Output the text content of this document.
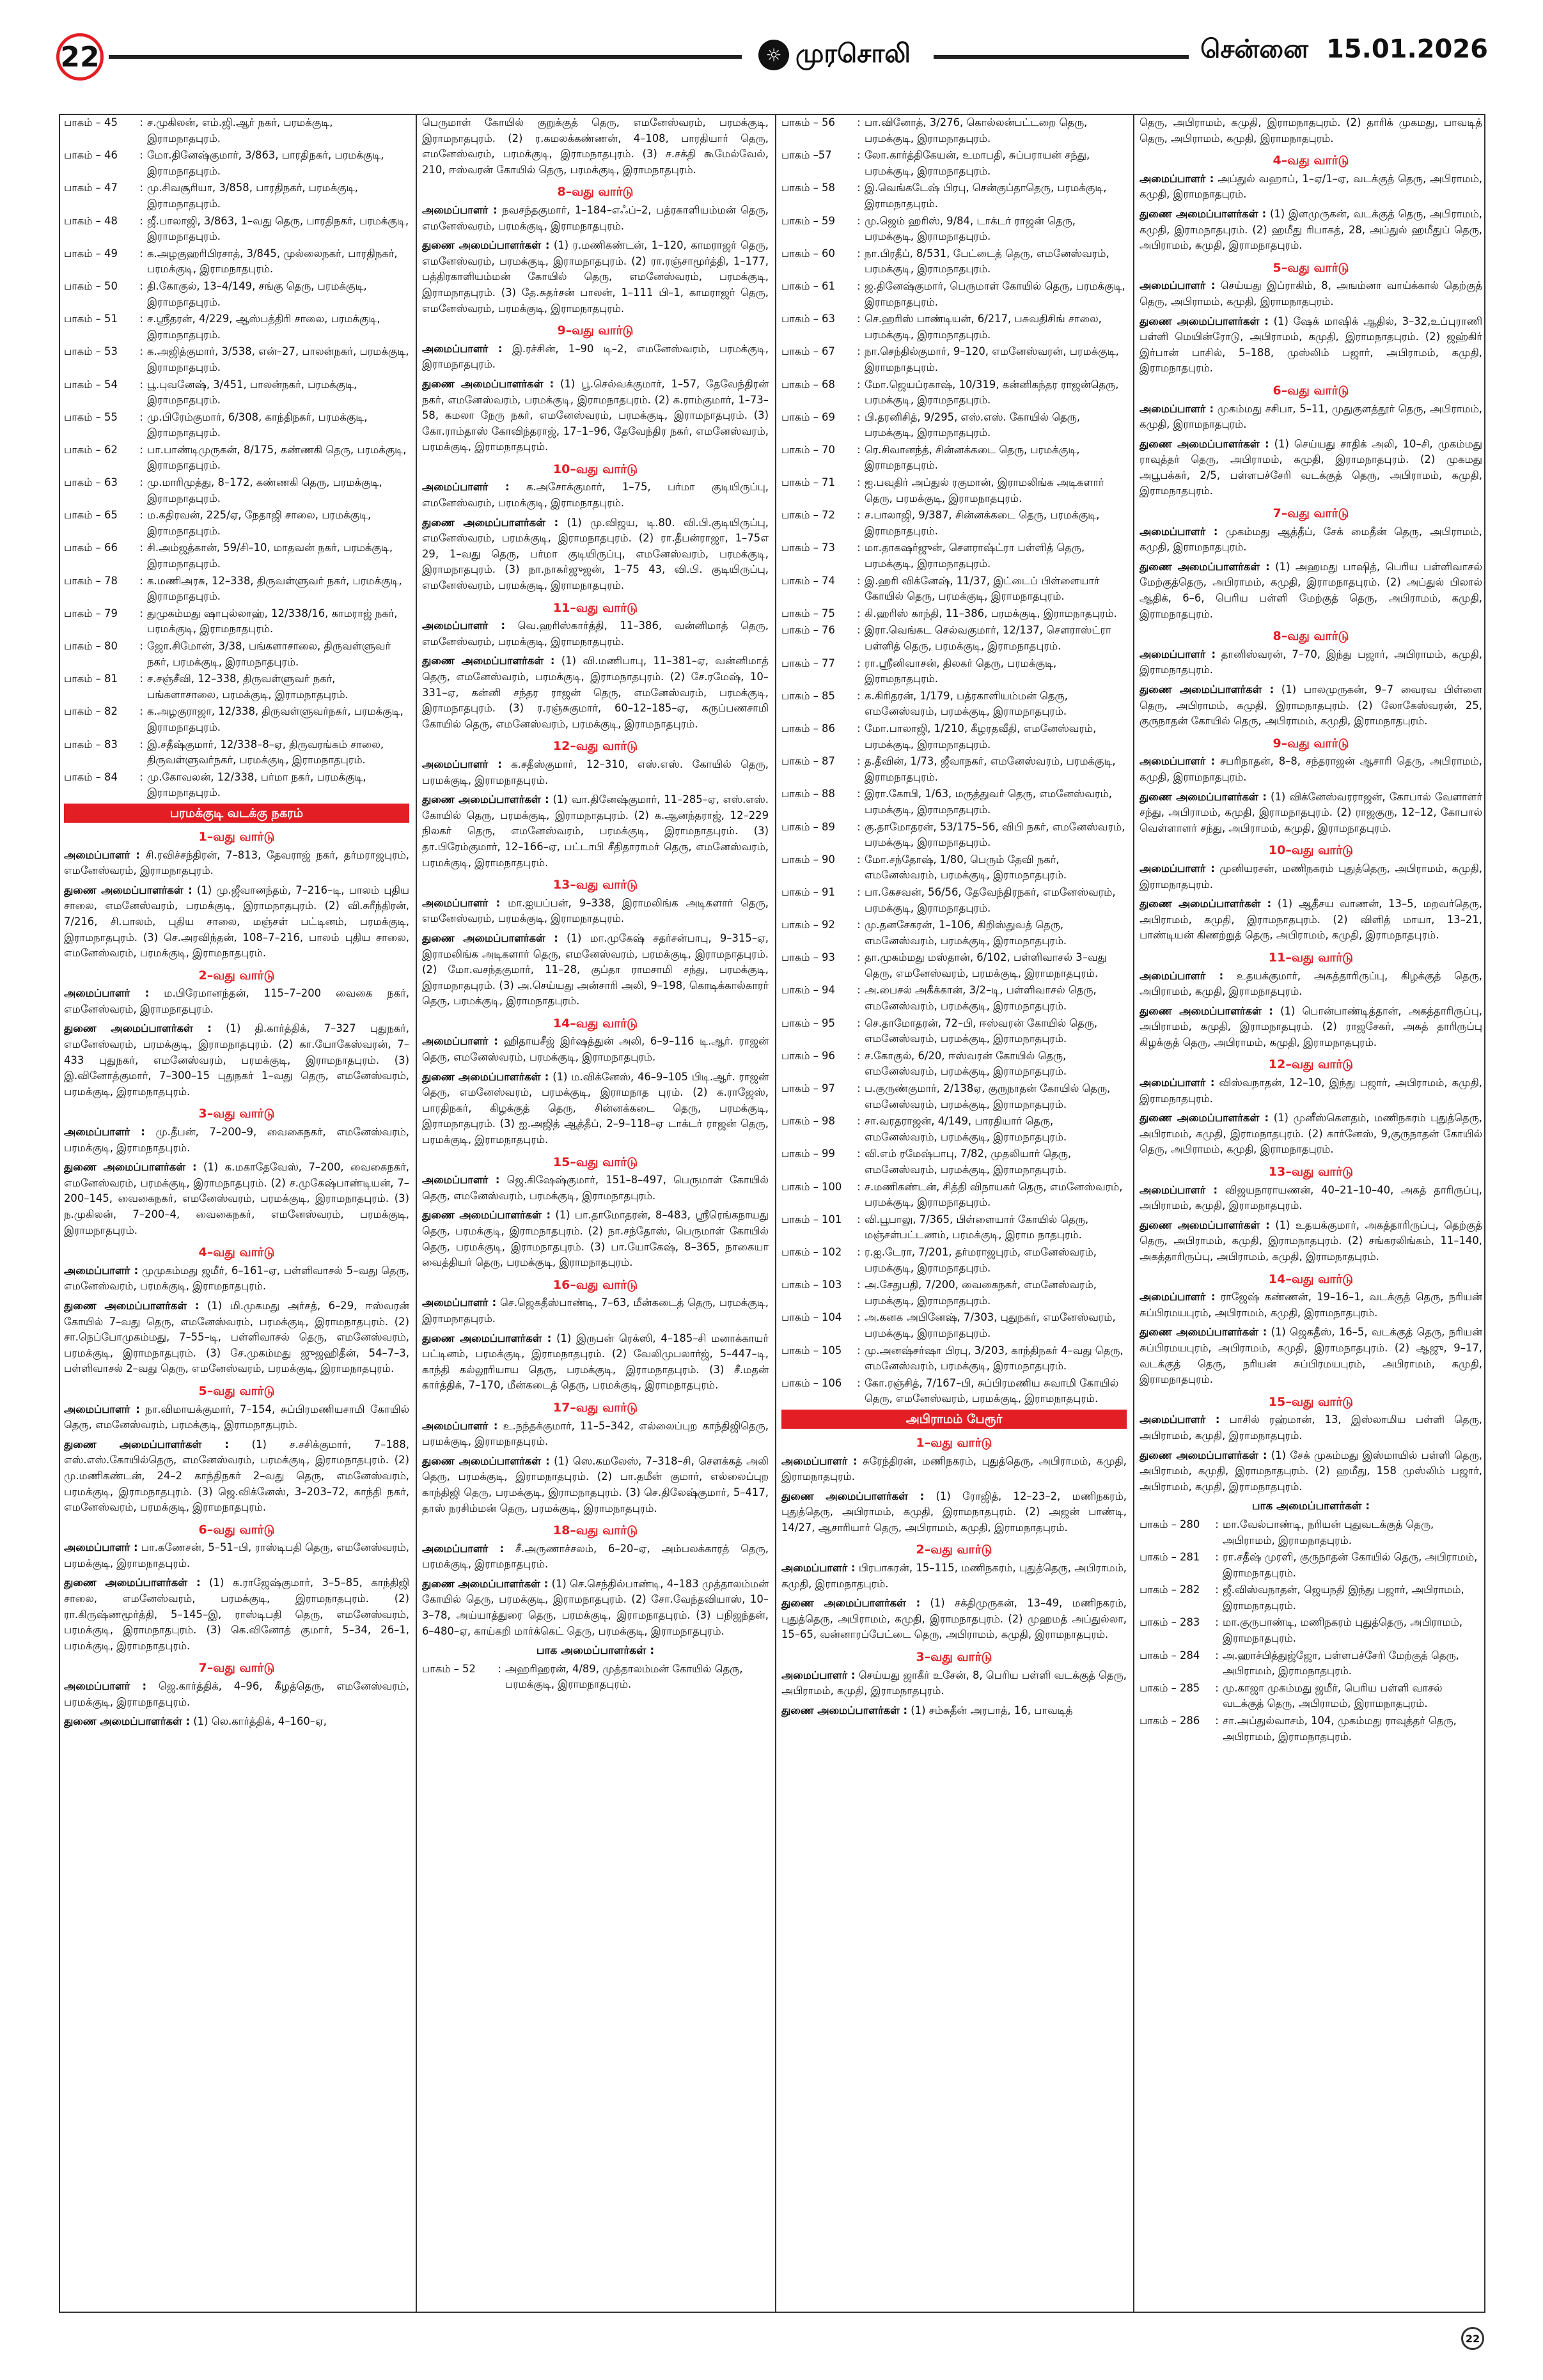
22	☼ முரசொலி	சென்னை 15.01.2026
பாகம் – 45	: ச.முகிலன், எம்.ஜி.ஆர் நகர், பரமக்குடி, இராமநாதபுரம்.
பாகம் – 46	: மோ.தினேஷ்குமார், 3/863, பாரதிநகர், பரமக்குடி, இராமநாதபுரம்.
பாகம் – 47	: மு.சிவசூரியா, 3/858, பாரதிநகர், பரமக்குடி, இராமநாதபுரம்.
பாகம் – 48	: ஜீ.பாலாஜி, 3/863, 1–வது தெரு, பாரதிநகர், பரமக்குடி, இராமநாதபுரம்.
பாகம் – 49	: க.அழகுஹரிபிரசாத், 3/845, முல்லைநகர், பாரதிநகர், பரமக்குடி, இராமநாதபுரம்.
பாகம் – 50	: தி.கோகுல், 13–4/149, சங்கு தெரு, பரமக்குடி, இராமநாதபுரம்.
பாகம் – 51	: ச.ஸ்ரீதரன், 4/229, ஆஸ்பத்திரி சாலை, பரமக்குடி, இராமநாதபுரம்.
பாகம் – 53	: க.அஜித்குமார், 3/538, என்–27, பாலன்நகர், பரமக்குடி, இராமநாதபுரம்.
பாகம் – 54	: பூ.புவனேஷ், 3/451, பாலன்நகர், பரமக்குடி, இராமநாதபுரம்.
பாகம் – 55	: மு.பிரேம்குமார், 6/308, காந்திநகர், பரமக்குடி, இராமநாதபுரம்.
பாகம் – 62	: பா.பாண்டிமுருகன், 8/175, கண்ணகி தெரு, பரமக்குடி, இராமநாதபுரம்.
பாகம் – 63	: மு.மாரிமுத்து, 8–172, கண்ணகி தெரு, பரமக்குடி, இராமநாதபுரம்.
பாகம் – 65	: ம.கதிரவன், 225/ஏ, நேதாஜி சாலை, பரமக்குடி, இராமநாதபுரம்.
பாகம் – 66	: சி.அம்ஜத்கான், 59/சி–10, மாதவன் நகர், பரமக்குடி, இராமநாதபுரம்.
பாகம் – 78	: க.மணிஅரசு, 12–338, திருவள்ளுவர் நகர், பரமக்குடி, இராமநாதபுரம்.
பாகம் – 79	: துமுகம்மது ஷாபுல்லாஹ், 12/338/16, காமராஜ் நகர், பரமக்குடி, இராமநாதபுரம்.
பாகம் – 80	: ஜோ.சிமோன், 3/38, பங்களாசாலை, திருவள்ளுவர் நகர், பரமக்குடி, இராமநாதபுரம்.
பாகம் – 81	: ச.சஞ்சீவி, 12–338, திருவள்ளுவர் நகர், பங்களாசாலை, பரமக்குடி, இராமநாதபுரம்.
பாகம் – 82	: க.அழகுராஜா, 12/338, திருவள்ளுவர்நகர், பரமக்குடி, இராமநாதபுரம்.
பாகம் – 83	: இ.சதீஷ்குமார், 12/338–8–ஏ, திருவரங்கம் சாலை, திருவள்ளுவர்நகர், பரமக்குடி, இராமநாதபுரம்.
பாகம் – 84	: மு.கோவலன், 12/338, பர்மா நகர், பரமக்குடி, இராமநாதபுரம்.
பரமக்குடி வடக்கு நகரம்
1–வது வார்டு
அமைப்பாளர் : சி.ரவிச்சந்திரன், 7–813, தேவராஜ் நகர், தர்மராஜபுரம், எமனேஸ்வரம், இராமநாதபுரம்.
துணை அமைப்பாளர்கள் : (1) மு.ஜீவானந்தம், 7–216–டி, பாலம் புதிய சாலை, எமனேஸ்வரம், பரமக்குடி, இராமநாதபுரம். (2) வி.சுரீந்திரன், 7/216, சி.பாலம், புதிய சாலை, மஞ்சள் பட்டினம், பரமக்குடி, இராமநாதபுரம். (3) செ.அரவிந்தன், 108–7–216, பாலம் புதிய சாலை, எமனேஸ்வரம், பரமக்குடி, இராமநாதபுரம்.
2–வது வார்டு
அமைப்பாளர் : ம.பிரேமானந்தன், 115–7–200 வைகை நகர், எமனேஸ்வரம், இராமநாதபுரம்.
துணை அமைப்பாளர்கள் : (1) தி.கார்த்திக், 7–327 புதுநகர், எமனேஸ்வரம், பரமக்குடி, இராமநாதபுரம். (2) கா.யோகேஸ்வரன், 7–433 புதுநகர், எமனேஸ்வரம், பரமக்குடி, இராமநாதபுரம். (3) இ.வினோத்குமார், 7–300–15 புதுநகர் 1–வது தெரு, எமனேஸ்வரம், பரமக்குடி, இராமநாதபுரம்.
3–வது வார்டு
அமைப்பாளர் : மு.தீபன், 7–200–9, வைகைநகர், எமனேஸ்வரம், பரமக்குடி, இராமநாதபுரம்.
துணை அமைப்பாளர்கள் : (1) க.மகாதேவேஸ், 7–200, வைகைநகர், எமனேஸ்வரம், பரமக்குடி, இராமநாதபுரம். (2) ச.முகேஷ்பாண்டியன், 7–200–145, வைகைநகர், எமனேஸ்வரம், பரமக்குடி, இராமநாதபுரம். (3) ந.முகிலன், 7–200–4, வைகைநகர், எமனேஸ்வரம், பரமக்குடி, இராமநாதபுரம்.
4–வது வார்டு
அமைப்பாளர் : முமுகம்மது ஜமீர், 6–161–ஏ, பள்ளிவாசல் 5–வது தெரு, எமனேஸ்வரம், பரமக்குடி, இராமநாதபுரம்.
துணை அமைப்பாளர்கள் : (1) மி.முகமது அர்சத், 6–29, ஈஸ்வரன் கோயில் 7–வது தெரு, எமனேஸ்வரம், பரமக்குடி, இராமநாதபுரம். (2) சா.நெப்போமுகம்மது, 7–55–டி, பள்ளிவாசல் தெரு, எமனேஸ்வரம், பரமக்குடி, இராமநாதபுரம். (3) சே.முகம்மது ஜுஜஹிதீன், 54–7–3, பள்ளிவாசல் 2–வது தெரு, எமனேஸ்வரம், பரமக்குடி, இராமநாதபுரம்.
5–வது வார்டு
அமைப்பாளர் : நா.விமாயக்குமார், 7–154, சுப்பிரமணியசாமி கோயில் தெரு, எமனேஸ்வரம், பரமக்குடி, இராமநாதபுரம்.
துணை அமைப்பாளர்கள் : (1) ச.சசிக்குமார், 7–188, எஸ்.எஸ்.கோயில்தெரு, எமனேஸ்வரம், பரமக்குடி, இராமநாதபுரம். (2) மு.மணிகண்டன், 24–2 காந்திநகர் 2–வது தெரு, எமனேஸ்வரம், பரமக்குடி, இராமநாதபுரம். (3) ஜெ.விக்னேஸ், 3–203–72, காந்தி நகர், எமனேஸ்வரம், பரமக்குடி, இராமநாதபுரம்.
6–வது வார்டு
அமைப்பாளர் : பா.கணேசன், 5–51–பி, ராஸ்டிபதி தெரு, எமனேஸ்வரம், பரமக்குடி, இராமநாதபுரம்.
துணை அமைப்பாளர்கள் : (1) க.ராஜேஷ்குமார், 3–5–85, காந்திஜி சாலை, எமனேஸ்வரம், பரமக்குடி, இராமநாதபுரம். (2) ரா.கிருஷ்ணமூர்த்தி, 5–145–இ, ராஸ்டிபதி தெரு, எமனேஸ்வரம், பரமக்குடி, இராமநாதபுரம். (3) கெ.வினோத் குமார், 5–34, 26–1, பரமக்குடி, இராமநாதபுரம்.
7–வது வார்டு
அமைப்பாளர் : ஜெ.கார்த்திக், 4–96, கீழத்தெரு, எமனேஸ்வரம், பரமக்குடி, இராமநாதபுரம்.
துணை அமைப்பாளர்கள் : (1) லெ.கார்த்திக், 4–160–ஏ,
பெருமாள் கோயில் குறுக்குத் தெரு, எமனேஸ்வரம், பரமக்குடி, இராமநாதபுரம். (2) ர.கமலக்கண்ணன், 4–108, பாரதியார் தெரு, எமனேஸ்வரம், பரமக்குடி, இராமநாதபுரம். (3) ச.சக்தி கூமேல்வேல், 210, ஈஸ்வரன் கோயில் தெரு, பரமக்குடி, இராமநாதபுரம்.
8–வது வார்டு
அமைப்பாளர் : நவசந்தகுமார், 1–184–எஃப்–2, பத்ரகாளியம்மன் தெரு, எமனேஸ்வரம், பரமக்குடி, இராமநாதபுரம்.
துணை அமைப்பாளர்கள் : (1) ர.மணிகண்டன், 1–120, காமராஜர் தெரு, எமனேஸ்வரம், பரமக்குடி, இராமநாதபுரம். (2) ரா.ரஞ்சாமூர்த்தி, 1–177, பத்திரகாளியம்மன் கோயில் தெரு, எமனேஸ்வரம், பரமக்குடி, இராமநாதபுரம். (3) தே.சுதர்சன் பாலன், 1–111 பி–1, காமராஜர் தெரு, எமனேஸ்வரம், பரமக்குடி, இராமநாதபுரம்.
9–வது வார்டு
அமைப்பாளர் : இ.ரச்சின், 1–90 டி–2, எமனேஸ்வரம், பரமக்குடி, இராமநாதபுரம்.
துணை அமைப்பாளர்கள் : (1) பூ.செல்வக்குமார், 1–57, தேவேந்திரன் நகர், எமனேஸ்வரம், பரமக்குடி, இராமநாதபுரம். (2) க.ராம்குமார், 1–73–58, கமலா நேரு நகர், எமனேஸ்வரம், பரமக்குடி, இராமநாதபுரம். (3) கோ.ராம்தாஸ் கோவிந்தராஜ், 17–1–96, தேவேந்திர நகர், எமனேஸ்வரம், பரமக்குடி, இராமநாதபுரம்.
10–வது வார்டு
அமைப்பாளர் : க.அசோக்குமார், 1–75, பர்மா குடியிருப்பு, எமனேஸ்வரம், பரமக்குடி, இராமநாதபுரம்.
துணை அமைப்பாளர்கள் : (1) மு.விஜய, டி.80. வி.பி.குடியிருப்பு, எமனேஸ்வரம், பரமக்குடி, இராமநாதபுரம். (2) ரா.தீபன்ராஜா, 1–75எ 29, 1–வது தெரு, பர்மா குடியிருப்பு, எமனேஸ்வரம், பரமக்குடி, இராமநாதபுரம். (3) நா.நாகர்ஜுஜன், 1–75 43, வி.பி. குடியிருப்பு, எமனேஸ்வரம், பரமக்குடி, இராமநாதபுரம்.
11–வது வார்டு
அமைப்பாளர் : வெ.ஹரிஸ்கார்த்தி, 11–386, வன்னிமாத் தெரு, எமனேஸ்வரம், பரமக்குடி, இராமநாதபுரம்.
துணை அமைப்பாளர்கள் : (1) வி.மணிபாபு, 11–381–ஏ, வன்னிமாத் தெரு, எமனேஸ்வரம், பரமக்குடி, இராமநாதபுரம். (2) சே.ரமேஷ், 10–331–ஏ, கன்னி சந்தர ராஜன் தெரு, எமனேஸ்வரம், பரமக்குடி, இராமநாதபுரம். (3) ர.ரஞ்சுகுமார், 60–12–185–ஏ, கருப்பணசாமி கோயில் தெரு, எமனேஸ்வரம், பரமக்குடி, இராமநாதபுரம்.
12–வது வார்டு
அமைப்பாளர் : க.சதீஸ்குமார், 12–310, எஸ்.எஸ். கோயில் தெரு, பரமக்குடி, இராமநாதபுரம்.
துணை அமைப்பாளர்கள் : (1) வா.தினேஷ்குமார், 11–285–ஏ, எஸ்.எஸ். கோயில் தெரு, பரமக்குடி, இராமநாதபுரம். (2) க.ஆனந்தராஜ், 12–229 நிலகர் தெரு, எமனேஸ்வரம், பரமக்குடி, இராமநாதபுரம். (3) தா.பிரேம்குமார், 12–166–ஏ, பட்டாபி சீதிதாராமர் தெரு, எமனேஸ்வரம், பரமக்குடி, இராமநாதபுரம்.
13–வது வார்டு
அமைப்பாளர் : மா.ஐயப்பன், 9–338, இராமலிங்க அடிகளார் தெரு, எமனேஸ்வரம், பரமக்குடி, இராமநாதபுரம்.
துணை அமைப்பாளர்கள் : (1) மா.முகேஷ் சதர்சன்பாபு, 9–315–ஏ, இராமலிங்க அடிகளார் தெரு, எமனேஸ்வரம், பரமக்குடி, இராமநாதபுரம். (2) மோ.வசந்தகுமார், 11–28, குப்தா ராமசாமி சந்து, பரமக்குடி, இராமநாதபுரம். (3) அ.செய்யது அன்சாரி அலி, 9–198, கொடிக்கால்காரர் தெரு, பரமக்குடி, இராமநாதபுரம்.
14–வது வார்டு
அமைப்பாளர் : ஹிதாயசீஜ் இர்ஷத்துன் அலி, 6–9–116 டி.ஆர். ராஜன் தெரு, எமனேஸ்வரம், பரமக்குடி, இராமநாதபுரம்.
துணை அமைப்பாளர்கள் : (1) ம.விக்னேஸ், 46–9–105 பிடி.ஆர். ராஜன் தெரு, எமனேஸ்வரம், பரமக்குடி, இராமநாத புரம். (2) க.ராஜேஸ், பாரதிநகர், கிழக்குத் தெரு, சின்னக்கடை தெரு, பரமக்குடி, இராமநாதபுரம். (3) ஐ.அஜித் ஆத்தீப், 2–9–118–ஏ டாக்டர் ராஜன் தெரு, பரமக்குடி, இராமநாதபுரம்.
15–வது வார்டு
அமைப்பாளர் : ஜெ.கிஷேஷ்குமார், 151–8–497, பெருமாள் கோயில் தெரு, எமனேஸ்வரம், பரமக்குடி, இராமநாதபுரம்.
துணை அமைப்பாளர்கள் : (1) பா.தாமோதரன், 8–483, ஸ்ரீரெங்கநாயது தெரு, பரமக்குடி, இராமநாதபுரம். (2) நா.சந்தோஸ், பெருமாள் கோயில் தெரு, பரமக்குடி, இராமநாதபுரம். (3) பா.யோகேஷ், 8–365, நாகையா வைத்தியர் தெரு, பரமக்குடி, இராமநாதபுரம்.
16–வது வார்டு
அமைப்பாளர் : செ.ஜெகதீஸ்பாண்டி, 7–63, மீன்கடைத் தெரு, பரமக்குடி, இராமநாதபுரம்.
துணை அமைப்பாளர்கள் : (1) இருபன் ரெக்ஸி, 4–185–சி மனாக்காயர் பட்டினம், பரமக்குடி, இராமநாதபுரம். (2) வேலிமுபலார்ஜ், 5–447–டி, காந்தி கல்லூரியாய தெரு, பரமக்குடி, இராமநாதபுரம். (3) சீ.மதன் கார்த்திக், 7–170, மீன்கடைத் தெரு, பரமக்குடி, இராமநாதபுரம்.
17–வது வார்டு
அமைப்பாளர் : உ.நந்தக்குமார், 11–5–342, எல்லைப்புற காந்திஜிதெரு, பரமக்குடி, இராமநாதபுரம்.
துணை அமைப்பாளர்கள் : (1) ஸெ.கமலேஸ், 7–318–சி, சௌக்கத் அலி தெரு, பரமக்குடி, இராமநாதபுரம். (2) பா.தமீன் குமார், எல்லைப்புற காந்திஜி தெரு, பரமக்குடி, இராமநாதபுரம். (3) செ.திலேஷ்குமார், 5–417, தாஸ் நரசிம்மன் தெரு, பரமக்குடி, இராமநாதபுரம்.
18–வது வார்டு
அமைப்பாளர் : சீ.அருணாச்சலம், 6–20–ஏ, அம்பலக்காரத் தெரு, பரமக்குடி, இராமநாதபுரம்.
துணை அமைப்பாளர்கள் : (1) செ.செந்தில்பாண்டி, 4–183 முத்தாலம்மன் கோயில் தெரு, பரமக்குடி, இராமநாதபுரம். (2) சோ.வேந்தவியாஸ், 10–3–78, அய்யாத்துரை தெரு, பரமக்குடி, இராமநாதபுரம். (3) பநிஜந்தன், 6–480–ஏ, காய்கறி மார்க்கெட் தெரு, பரமக்குடி, இராமநாதபுரம்.
பாக அமைப்பாளர்கள் :
பாகம் – 52	: அஹரிஹரன், 4/89, முத்தாலம்மன் கோயில் தெரு, பரமக்குடி, இராமநாதபுரம்.
பாகம் – 56	: பா.வினோத், 3/276, கொல்லன்பட்டறை தெரு, பரமக்குடி, இராமநாதபுரம்.
பாகம் –57	: லோ.கார்த்திகேயன், உமாபதி, சுப்பராயன் சந்து, பரமக்குடி, இராமநாதபுரம்.
பாகம் – 58	: இ.வெங்கடேஷ் பிரபு, சென்குப்தாதெரு, பரமக்குடி, இராமநாதபுரம்.
பாகம் – 59	: மு.ஜெம் ஹரிஸ், 9/84, டாக்டர் ராஜன் தெரு, பரமக்குடி, இராமநாதபுரம்.
பாகம் – 60	: நா.பிரதீப், 8/531, பேட்டைத் தெரு, எமனேஸ்வரம், பரமக்குடி, இராமநாதபுரம்.
பாகம் – 61	: ஜ.தினேஷ்குமார், பெருமாள் கோயில் தெரு, பரமக்குடி, இராமநாதபுரம்.
பாகம் – 63	: செ.ஹரிஸ் பாண்டியன், 6/217, பசுவதிசிங் சாலை, பரமக்குடி, இராமநாதபுரம்.
பாகம் – 67	: நா.செந்தில்குமார், 9–120, எமனேஸ்வரன், பரமக்குடி, இராமநாதபுரம்.
பாகம் – 68	: மோ.ஜெயப்ரகாஷ், 10/319, கன்னிகந்தர ராஜன்தெரு, பரமக்குடி, இராமநாதபுரம்.
பாகம் – 69	: பி.தரனிசித், 9/295, எஸ்.எஸ். கோயில் தெரு, பரமக்குடி, இராமநாதபுரம்.
பாகம் – 70	: ரெ.சிவானந்த், சின்னக்கடை தெரு, பரமக்குடி, இராமநாதபுரம்.
பாகம் – 71	: ஐ.பவுதிர் அப்துல் ரகுமான், இராமலிங்க அடிகளார் தெரு, பரமக்குடி, இராமநாதபுரம்.
பாகம் – 72	: ச.பாலாஜி, 9/387, சின்னக்கடை தெரு, பரமக்குடி, இராமநாதபுரம்.
பாகம் – 73	: மா.தாகஷர்ஜுன், சௌராஷ்ட்ரா பள்ளித் தெரு, பரமக்குடி, இராமநாதபுரம்.
பாகம் – 74	: இ.ஹரி விக்னேஷ், 11/37, இட்டைப் பிள்ளையார் கோயில் தெரு, பரமக்குடி, இராமநாதபுரம்.
பாகம் – 75	: கி.ஹரிஸ் காந்தி, 11–386, பரமக்குடி, இராமநாதபுரம்.
பாகம் – 76	: இரா.வெங்கட செல்வகுமார், 12/137, சௌராஸ்ட்ரா பள்ளித் தெரு, பரமக்குடி, இராமநாதபுரம்.
பாகம் – 77	: ரா.ஸ்ரீனிவாசன், திலகர் தெரு, பரமக்குடி, இராமநாதபுரம்.
பாகம் – 85	: க.கிரிதரன், 1/179, பத்ரகாளியம்மன் தெரு, எமனேஸ்வரம், பரமக்குடி, இராமநாதபுரம்.
பாகம் – 86	: மோ.பாலாஜி, 1/210, கீழ‌ரதவீதி, எமனேஸ்வரம், பரமக்குடி, இராமநாதபுரம்.
பாகம் – 87	: த.தீவின், 1/73, ஜீவாநகர், எமனேஸ்வரம், பரமக்குடி, இராமநாதபுரம்.
பாகம் – 88	: இரா.கோபி, 1/63, மருத்துவர் தெரு, எமனேஸ்வரம், பரமக்குடி, இராமநாதபுரம்.
பாகம் – 89	: கு.தாமோதரன், 53/175–56, விபி நகர், எமனேஸ்வரம், பரமக்குடி, இராமநாதபுரம்.
பாகம் – 90	: மோ.சந்தோஷ், 1/80, பெரும் தேவி நகர், எமனேஸ்வரம், பரமக்குடி, இராமநாதபுரம்.
பாகம் – 91	: பா.கேசவன், 56/56, தேவேந்திரநகர், எமனேஸ்வரம், பரமக்குடி, இராமநாதபுரம்.
பாகம் – 92	: மு.தனசேகரன், 1–106, கிறிஸ்துவத் தெரு, எமனேஸ்வரம், பரமக்குடி, இராமநாதபுரம்.
பாகம் – 93	: தா.முகம்மது மஸ்தான், 6/102, பள்ளிவாசல் 3–வது தெரு, எமனேஸ்வரம், பரமக்குடி, இராமநாதபுரம்.
பாகம் – 94	: அ.பைசல் அகீக்கான், 3/2–டி, பள்ளிவாசல் தெரு, எமனேஸ்வரம், பரமக்குடி, இராமநாதபுரம்.
பாகம் – 95	: செ.தாமோதரன், 72–பி, ஈஸ்வரன் கோயில் தெரு, எமனேஸ்வரம், பரமக்குடி, இராமநாதபுரம்.
பாகம் – 96	: ச.கோகுல், 6/20, ஈஸ்வரன் கோயில் தெரு, எமனேஸ்வரம், பரமக்குடி, இராமநாதபுரம்.
பாகம் – 97	: ப.குருண்குமார், 2/138ஏ, குருநாதன் கோயில் தெரு, எமனேஸ்வரம், பரமக்குடி, இராமநாதபுரம்.
பாகம் – 98	: சா.வரதராஜன், 4/149, பாரதியார் தெரு, எமனேஸ்வரம், பரமக்குடி, இராமநாதபுரம்.
பாகம் – 99	: வி.எம் ரமேஷ்பாபு, 7/82, முதலியார் தெரு, எமனேஸ்வரம், பரமக்குடி, இராமநாதபுரம்.
பாகம் – 100	: ச.மணிகண்டன், சித்தி விநாயகர் தெரு, எமனேஸ்வரம், பரமக்குடி, இராமநாதபுரம்.
பாகம் – 101	: வி.பூபாலு, 7/365, பிள்ளையார் கோயில் தெரு, மஞ்சள்பட்டணம், பரமக்குடி, இராம நாதபுரம்.
பாகம் – 102	: ர.ஐ.டேரா, 7/201, தர்மராஜபுரம், எமனேஸ்வரம், பரமக்குடி, இராமநாதபுரம்.
பாகம் – 103	: அ.சேதுபதி, 7/200, வைகைநகர், எமனேஸ்வரம், பரமக்குடி, இராமநாதபுரம்.
பாகம் – 104	: அ.கனக அபினேஷ், 7/303, புதுநகர், எமனேஸ்வரம், பரமக்குடி, இராமநாதபுரம்.
பாகம் – 105	: மு.அனஷ்சர்ஷா பிரபு, 3/203, காந்திநகர் 4–வது தெரு, எமனேஸ்வரம், பரமக்குடி, இராமநாதபுரம்.
பாகம் – 106	: கோ.ரஞ்சித், 7/167–பி, சுப்பிரமணிய சுவாமி கோயில் தெரு, எமனேஸ்வரம், பரமக்குடி, இராமநாதபுரம்.
அபிராமம் பேரூர்
1–வது வார்டு
அமைப்பாளர் : சுரேந்திரன், மணிநகரம், புதுத்தெரு, அபிராமம், கமுதி, இராமநாதபுரம்.
துணை அமைப்பாளர்கள் : (1) ரோஜித், 12–23–2, மணிநகரம், புதுத்தெரு, அபிராமம், கமுதி, இராமநாதபுரம். (2) அஜன் பாண்டி, 14/27, ஆசாரியார் தெரு, அபிராமம், கமுதி, இராமநாதபுரம்.
2–வது வார்டு
அமைப்பாளர் : பிரபாகரன், 15–115, மணிநகரம், புதுத்தெரு, அபிராமம், கமுதி, இராமநாதபுரம்.
துணை அமைப்பாளர்கள் : (1) சக்திமுருகன், 13–49, மணிநகரம், புதுத்தெரு, அபிராமம், கமுதி, இராமநாதபுரம். (2) முஹமத் அப்துல்லா, 15–65, வன்னாரப்பேட்டை தெரு, அபிராமம், கமுதி, இராமநாதபுரம்.
3–வது வார்டு
அமைப்பாளர் : செய்யது ஜாகீர் உசேன், 8, பெரிய பள்ளி வடக்குத் தெரு, அபிராமம், கமுதி, இராமநாதபுரம்.
துணை அமைப்பாளர்கள் : (1) சம்சுதீன் அரபாத், 16, பாவடித்
தெரு, அபிராமம், கமுதி, இராமநாதபுரம். (2) தாரிக் முகமது, பாவடித் தெரு, அபிராமம், கமுதி, இராமநாதபுரம்.
4–வது வார்டு
அமைப்பாளர் : அப்துல் வஹாப், 1–ஏ/1–ஏ, வடக்குத் தெரு, அபிராமம், கமுதி, இராமநாதபுரம்.
துணை அமைப்பாளர்கள் : (1) இளமுருகன், வடக்குத் தெரு, அபிராமம், கமுதி, இராமநாதபுரம். (2) ஹமீது ரிபாகத், 28, அப்துல் ஹமீதுப் தெரு, அபிராமம், கமுதி, இராமநாதபுரம்.
5–வது வார்டு
அமைப்பாளர் : செய்யது இப்ராகிம், 8, அஙம்னா வாய்க்கால் தெற்குத் தெரு, அபிராமம், கமுதி, இராமநாதபுரம்.
துணை அமைப்பாளர்கள் : (1) ஷேக் மாஷிக் ஆதில், 3–32,உப்புராணி பள்ளி மெயின்ரோடு, அபிராமம், கமுதி, இராமநாதபுரம். (2) ஜஹ்கிர் இர்பான் பாசில், 5–188, முஸ்லிம் பஜார், அபிராமம், கமுதி, இராமநாதபுரம்.
6–வது வார்டு
அமைப்பாளர் : முகம்மது சசிபா, 5–11, முதுகுளத்தூர் தெரு, அபிராமம், கமுதி, இராமநாதபுரம்.
துணை அமைப்பாளர்கள் : (1) செய்யது சாதிக் அலி, 10–சி, முகம்மது ராவுத்தர் தெரு, அபிராமம், கமுதி, இராமநாதபுரம். (2) முகமது அபூபக்கர், 2/5, பள்ளபச்சேரி வடக்குத் தெரு, அபிராமம், கமுதி, இராமநாதபுரம்.
7–வது வார்டு
அமைப்பாளர் : முகம்மது ஆத்தீப், சேக் மைதீன் தெரு, அபிராமம், கமுதி, இராமநாதபுரம்.
துணை அமைப்பாளர்கள் : (1) அஹமது பாஷித், பெரிய பள்ளிவாசல் மேற்குத்தெரு, அபிராமம், கமுதி, இராமநாதபுரம். (2) அப்துல் பிலால் ஆதிக், 6–6, பெரிய பள்ளி மேற்குத் தெரு, அபிராமம், கமுதி, இராமநாதபுரம்.
8–வது வார்டு
அமைப்பாளர் : தானிஸ்வரன், 7–70, இந்து பஜார், அபிராமம், கமுதி, இராமநாதபுரம்.
துணை அமைப்பாளர்கள் : (1) பாலமுருகன், 9–7 வைரவ பிள்ளை தெரு, அபிராமம், கமுதி, இராமநாதபுரம். (2) லோகேஸ்வரன், 25, குருநாதன் கோயில் தெரு, அபிராமம், கமுதி, இராமநாதபுரம்.
9–வது வார்டு
அமைப்பாளர் : சபரிநாதன், 8–8, சந்தராஜன் ஆசாரி தெரு, அபிராமம், கமுதி, இராமநாதபுரம்.
துணை அமைப்பாளர்கள் : (1) விக்னேஸ்வரராஜன், கோபால் வேளாளர் சந்து, அபிராமம், கமுதி, இராமநாதபுரம். (2) ராஜகுரு, 12–12, கோபால் வெள்ளாளர் சந்து, அபிராமம், கமுதி, இராமநாதபுரம்.
10–வது வார்டு
அமைப்பாளர் : முனியரசன், மணிநகரம் புதுத்தெரு, அபிராமம், கமுதி, இராமநாதபுரம்.
துணை அமைப்பாளர்கள் : (1) ஆதீசய வாணன், 13–5, மறவர்தெரு, அபிராமம், கமுதி, இராமநாதபுரம். (2) விளித் மாயா, 13–21, பாண்டியன் கிணற்றுத் தெரு, அபிராமம், கமுதி, இராமநாதபுரம்.
11–வது வார்டு
அமைப்பாளர் : உதயக்குமார், அகத்தாரிருப்பு, கிழக்குத் தெரு, அபிராமம், கமுதி, இராமநாதபுரம்.
துணை அமைப்பாளர்கள் : (1) பொன்பாண்டித்தான், அகத்தாரிருப்பு, அபிராமம், கமுதி, இராமநாதபுரம். (2) ராஜசேகர், அகத் தாரிருப்பு கிழக்குத் தெரு, அபிராமம், கமுதி, இராமநாதபுரம்.
12–வது வார்டு
அமைப்பாளர் : விஸ்வநாதன், 12–10, இந்து பஜார், அபிராமம், கமுதி, இராமநாதபுரம்.
துணை அமைப்பாளர்கள் : (1) முனீஸ்கௌதம், மணிநகரம் புதுத்தெரு, அபிராமம், கமுதி, இராமநாதபுரம். (2) கார்னேஸ், 9,குருநாதன் கோயில் தெரு, அபிராமம், கமுதி, இராமநாதபுரம்.
13–வது வார்டு
அமைப்பாளர் : விஜயநாராயணன், 40–21–10–40, அகத் தாரிருப்பு, அபிராமம், கமுதி, இராமநாதபுரம்.
துணை அமைப்பாளர்கள் : (1) உதயக்குமார், அகத்தாரிருப்பு, தெற்குத் தெரு, அபிராமம், கமுதி, இராமநாதபுரம். (2) சங்கரலிங்கம், 11–140, அகத்தாரிருப்பு, அபிராமம், கமுதி, இராமநாதபுரம்.
14–வது வார்டு
அமைப்பாளர் : ராஜேஷ் கண்ணன், 19–16–1, வடக்குத் தெரு, நரியன் சுப்பிரமயபுரம், அபிராமம், கமுதி, இராமநாதபுரம்.
துணை அமைப்பாளர்கள் : (1) ஜெகதீஸ், 16–5, வடக்குத் தெரு, நரியன் சுப்பிரமயபுரம், அபிராமம், கமுதி, இராமநாதபுரம். (2) ஆஜு, 9–17, வடக்குத் தெரு, நரியன் சுப்பிரமயபுரம், அபிராமம், கமுதி, இராமநாதபுரம்.
15–வது வார்டு
அமைப்பாளர் : பாசில் ரஹ்மான், 13, இஸ்லாமிய பள்ளி தெரு, அபிராமம், கமுதி, இராமநாதபுரம்.
துணை அமைப்பாளர்கள் : (1) சேக் முகம்மது இஸ்மாயில் பள்ளி தெரு, அபிராமம், கமுதி, இராமநாதபுரம். (2) ஹமீது, 158 முஸ்லிம் பஜார், அபிராமம், கமுதி, இராமநாதபுரம்.
பாக அமைப்பாளர்கள் :
பாகம் – 280	: மா.வேல்பாண்டி, நரியன் புதுவடக்குத் தெரு, அபிராமம், இராமநாதபுரம்.
பாகம் – 281	: ரா.சதீஷ் முரளி, குருநாதன் கோயில் தெரு, அபிராமம், இராமநாதபுரம்.
பாகம் – 282	: ஜீ.விஸ்வநாதன், ஜெயநதி இந்து பஜார், அபிராமம், இராமநாதபுரம்.
பாகம் – 283	: மா.குருபாண்டி, மணிநகரம் புதுத்தெரு, அபிராமம், இராமநாதபுரம்.
பாகம் – 284	: அ.ஹாச்பித்துஜ்ஜோ, பள்ளபச்சேரி மேற்குத் தெரு, அபிராமம், இராமநாதபுரம்.
பாகம் – 285	: மு.காஜா முகம்மது ஜமீர், பெரிய பள்ளி வாசல் வடக்குத் தெரு, அபிராமம், இராமநாதபுரம்.
பாகம் – 286	: சா.அப்துல்வாசம், 104, முகம்மது ராவுத்தர் தெரு, அபிராமம், இராமநாதபுரம்.
22
